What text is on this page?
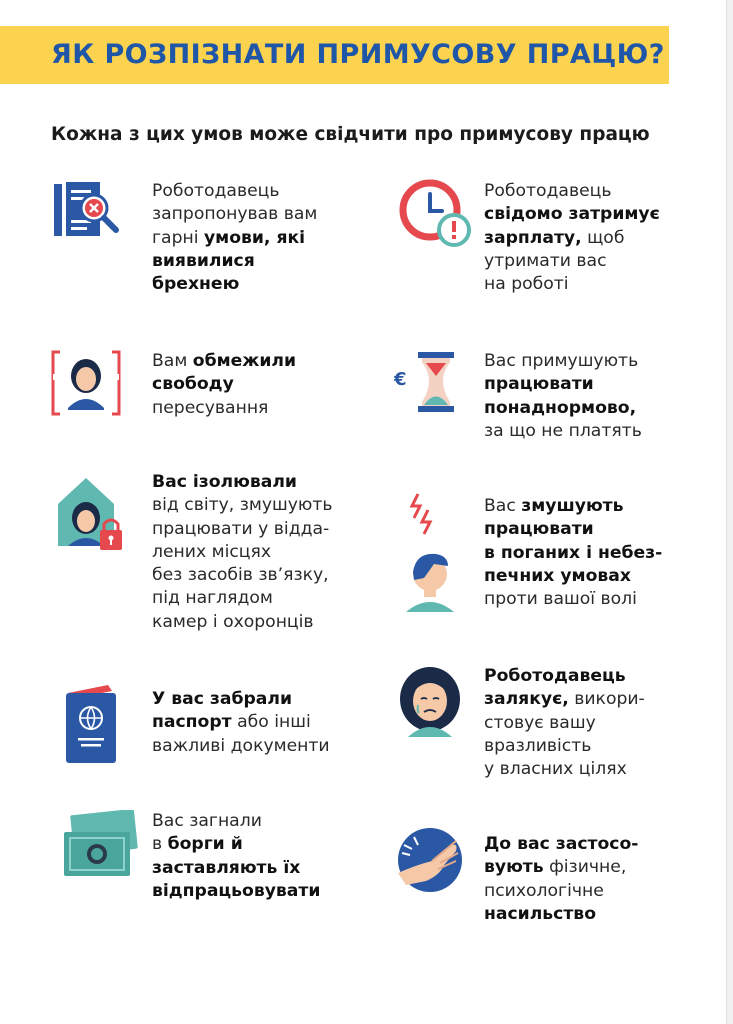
ЯК РОЗПІЗНАТИ ПРИМУСОВУ ПРАЦЮ?
Кожна з цих умов може свідчити про примусову працю
Роботодавець
запропонував вам
гарні умови, які
виявилися
брехнею
Роботодавець
свідомо затримує
зарплату, щоб
утримати вас
на роботі
Вам обмежили
свободу
пересування
€
Вас примушують
працювати
понаднормово,
за що не платять
Вас ізолювали
від світу, змушують
працювати у відда-
лених місцях
без засобів зв’язку,
під наглядом
камер і охоронців
Вас змушують
працювати
в поганих і небез-
печних умовах
проти вашої волі
У вас забрали
паспорт або інші
важливі документи
Роботодавець
залякує, викори-
стовує вашу
вразливість
у власних цілях
Вас загнали
в борги й
заставляють їх
відпрацьовувати
До вас застосо-
вують фізичне,
психологічне
насильство
